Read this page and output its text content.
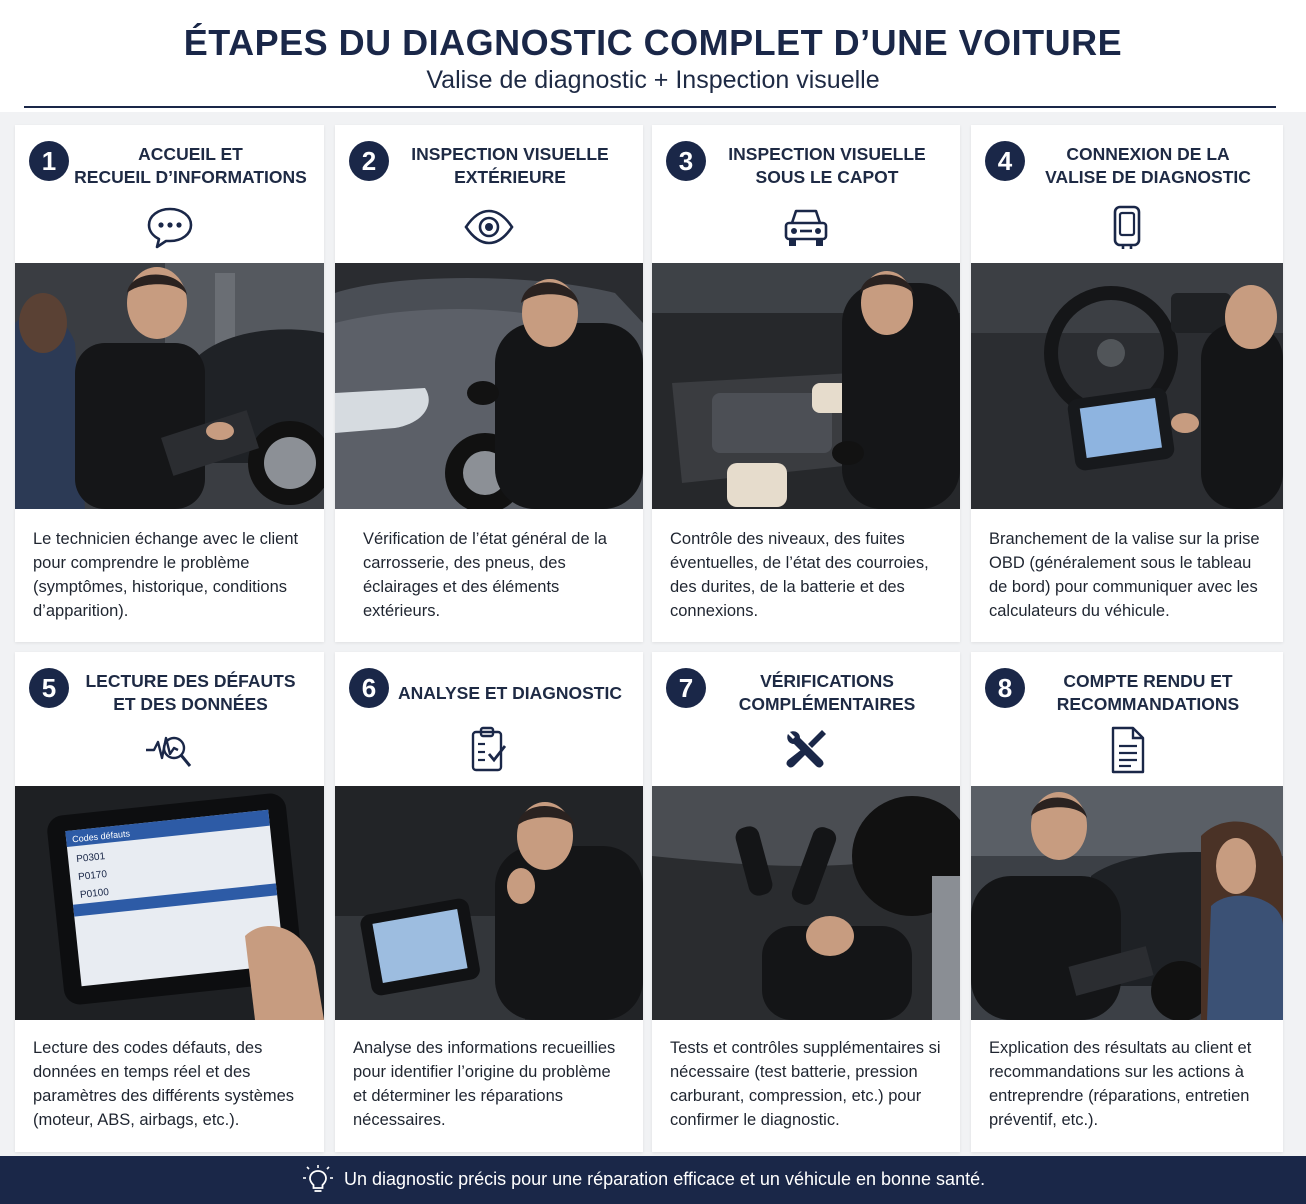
ÉTAPES DU DIAGNOSTIC COMPLET D’UNE VOITURE
Valise de diagnostic + Inspection visuelle
1	ACCUEIL ET
RECUEIL D’INFORMATIONS
Le technicien échange avec le client pour comprendre le problème (symptômes, historique, conditions d’apparition).
2	INSPECTION VISUELLE
EXTÉRIEURE
Vérification de l’état général de la carrosserie, des pneus, des éclairages et des éléments extérieurs.
3	INSPECTION VISUELLE
SOUS LE CAPOT
Contrôle des niveaux, des fuites éventuelles, de l’état des courroies, des durites, de la batterie et des connexions.
4	CONNEXION DE LA
VALISE DE DIAGNOSTIC
Branchement de la valise sur la prise OBD (généralement sous le tableau de bord) pour communiquer avec les calculateurs du véhicule.
5	LECTURE DES DÉFAUTS
ET DES DONNÉES
Codes défauts
P0301
P0170
P0100
Lecture des codes défauts, des données en temps réel et des paramètres des différents systèmes (moteur, ABS, airbags, etc.).
6	ANALYSE ET DIAGNOSTIC
Analyse des informations recueillies pour identifier l’origine du problème et déterminer les réparations nécessaires.
7	VÉRIFICATIONS
COMPLÉMENTAIRES
Tests et contrôles supplémentaires si nécessaire (test batterie, pression carburant, compression, etc.) pour confirmer le diagnostic.
8	COMPTE RENDU ET
RECOMMANDATIONS
Explication des résultats au client et recommandations sur les actions à entreprendre (réparations, entretien préventif, etc.).
Un diagnostic précis pour une réparation efficace et un véhicule en bonne santé.
